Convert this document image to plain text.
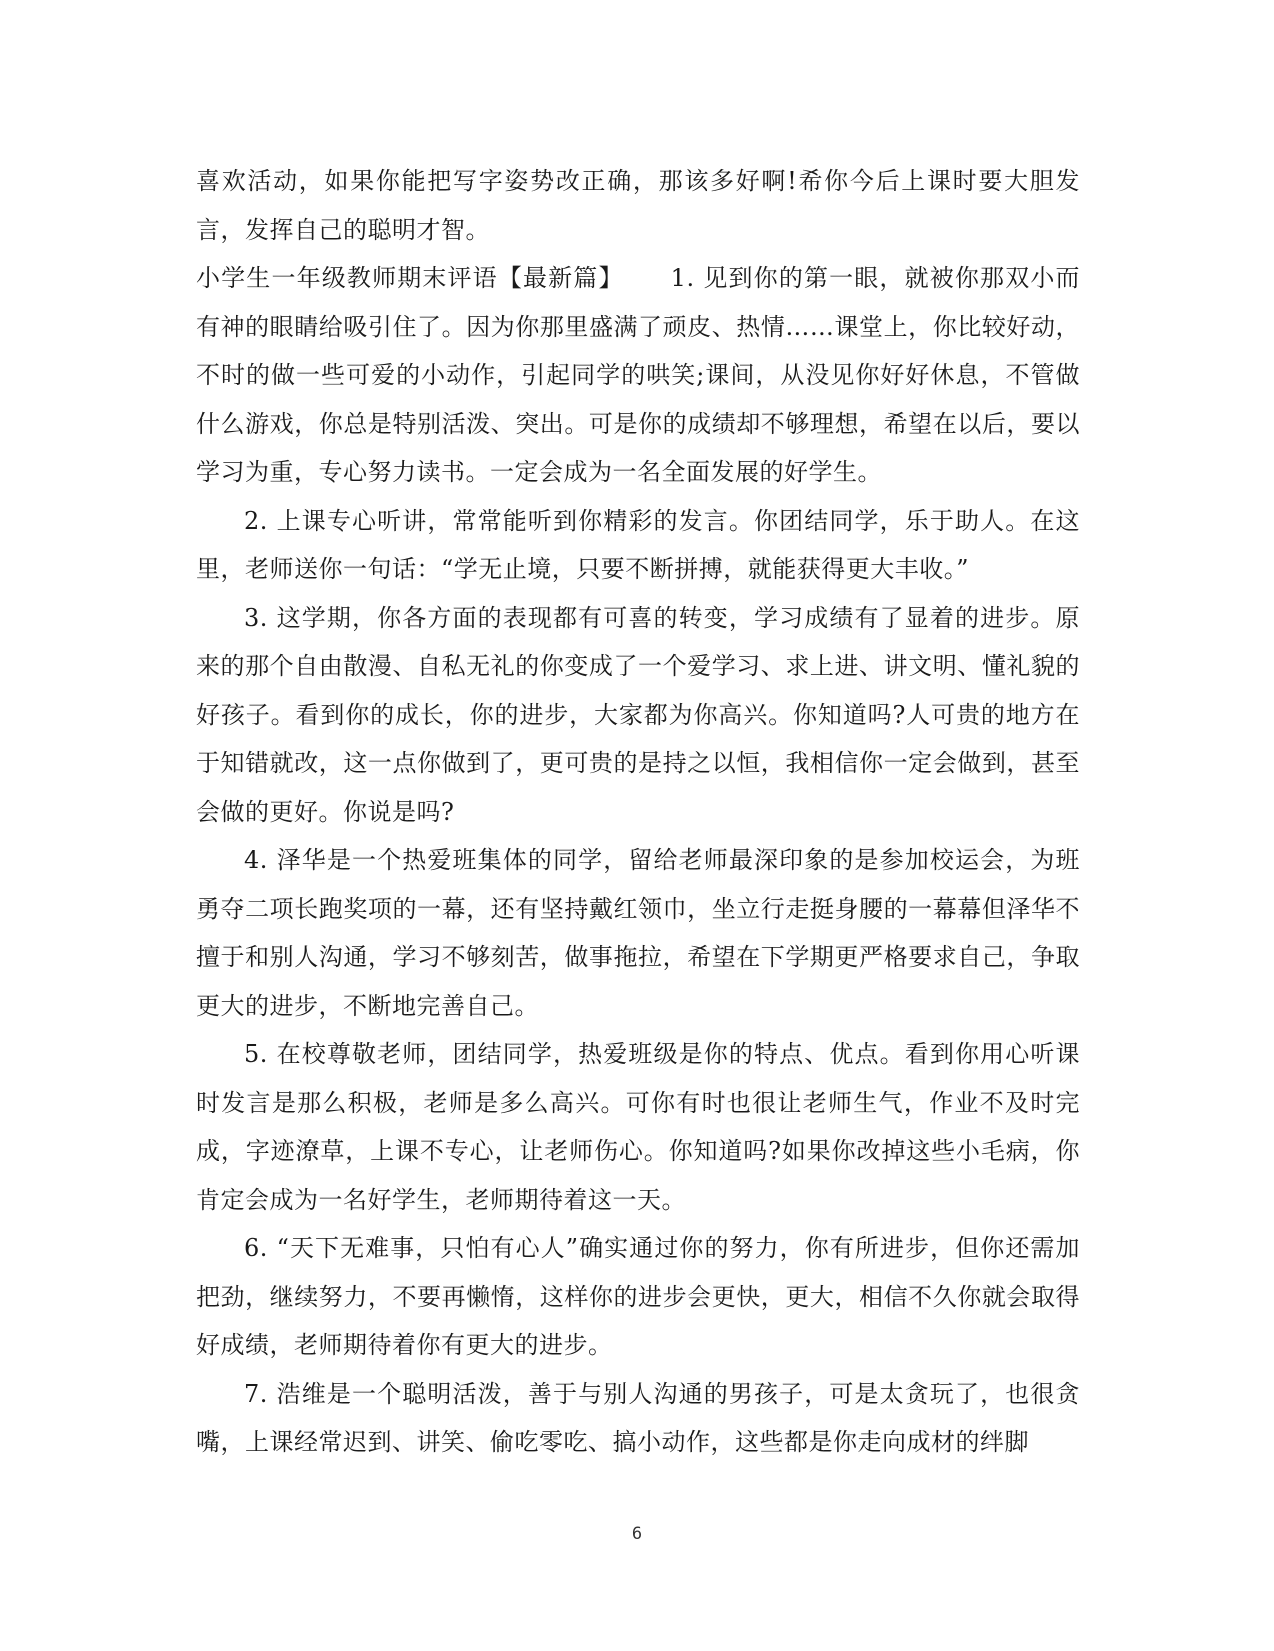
喜欢活动，如果你能把写字姿势改正确，那该多好啊!希你今后上课时要大胆发言，发挥自己的聪明才智。

小学生一年级教师期末评语【最新篇】　　 1. 见到你的第一眼，就被你那双小而有神的眼睛给吸引住了。因为你那里盛满了顽皮、热情……课堂上，你比较好动，不时的做一些可爱的小动作，引起同学的哄笑;课间，从没见你好好休息，不管做什么游戏，你总是特别活泼、突出。可是你的成绩却不够理想，希望在以后，要以学习为重，专心努力读书。一定会成为一名全面发展的好学生。

2. 上课专心听讲，常常能听到你精彩的发言。你团结同学，乐于助人。在这里，老师送你一句话：“学无止境，只要不断拼搏，就能获得更大丰收。”

3. 这学期，你各方面的表现都有可喜的转变，学习成绩有了显着的进步。原来的那个自由散漫、自私无礼的你变成了一个爱学习、求上进、讲文明、懂礼貌的好孩子。看到你的成长，你的进步，大家都为你高兴。你知道吗?人可贵的地方在于知错就改，这一点你做到了，更可贵的是持之以恒，我相信你一定会做到，甚至会做的更好。你说是吗?

4. 泽华是一个热爱班集体的同学，留给老师最深印象的是参加校运会，为班勇夺二项长跑奖项的一幕，还有坚持戴红领巾，坐立行走挺身腰的一幕幕但泽华不擅于和别人沟通，学习不够刻苦，做事拖拉，希望在下学期更严格要求自己，争取更大的进步，不断地完善自己。

5. 在校尊敬老师，团结同学，热爱班级是你的特点、优点。看到你用心听课时发言是那么积极，老师是多么高兴。可你有时也很让老师生气，作业不及时完成，字迹潦草，上课不专心，让老师伤心。你知道吗?如果你改掉这些小毛病，你肯定会成为一名好学生，老师期待着这一天。

6. “天下无难事，只怕有心人”确实通过你的努力，你有所进步，但你还需加把劲，继续努力，不要再懒惰，这样你的进步会更快，更大，相信不久你就会取得好成绩，老师期待着你有更大的进步。

7. 浩维是一个聪明活泼，善于与别人沟通的男孩子，可是太贪玩了，也很贪嘴，上课经常迟到、讲笑、偷吃零吃、搞小动作，这些都是你走向成材的绊脚

6
